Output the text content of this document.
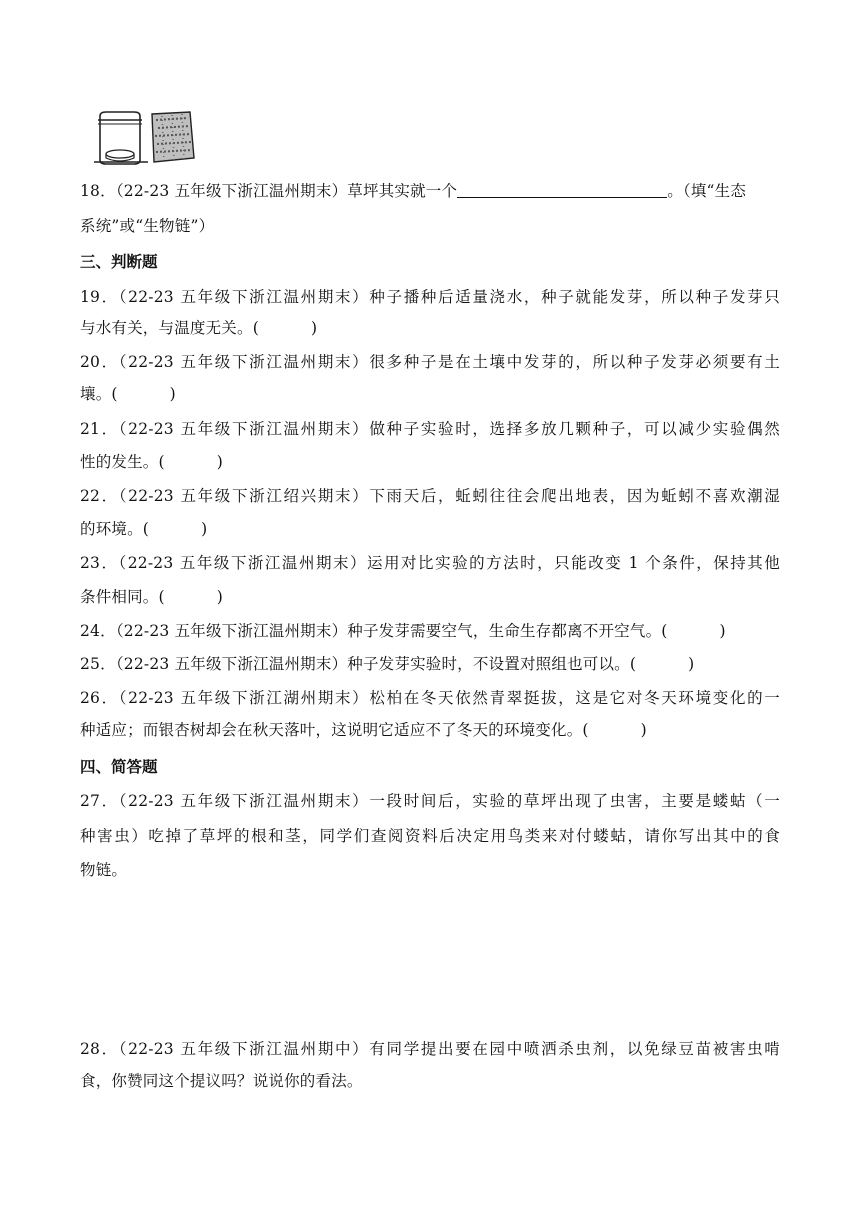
18．（22-23 五年级下浙江温州期末）草坪其实就一个	。（填“生态
系统”或“生物链”）
三、判断题
19．（22-23 五年级下浙江温州期末）种子播种后适量浇水，种子就能发芽，所以种子发芽只
与水有关，与温度无关。(	)
20．（22-23 五年级下浙江温州期末）很多种子是在土壤中发芽的，所以种子发芽必须要有土
壤。(	)
21．（22-23 五年级下浙江温州期末）做种子实验时，选择多放几颗种子，可以减少实验偶然
性的发生。(	)
22．（22-23 五年级下浙江绍兴期末）下雨天后，蚯蚓往往会爬出地表，因为蚯蚓不喜欢潮湿
的环境。(	)
23．（22-23 五年级下浙江温州期末）运用对比实验的方法时，只能改变 1 个条件，保持其他
条件相同。(	)
24．（22-23 五年级下浙江温州期末）种子发芽需要空气，生命生存都离不开空气。(	)
25．（22-23 五年级下浙江温州期末）种子发芽实验时，不设置对照组也可以。(	)
26．（22-23 五年级下浙江湖州期末）松柏在冬天依然青翠挺拔，这是它对冬天环境变化的一
种适应；而银杏树却会在秋天落叶，这说明它适应不了冬天的环境变化。(	)
四、简答题
27．（22-23 五年级下浙江温州期末）一段时间后，实验的草坪出现了虫害，主要是蝼蛄（一
种害虫）吃掉了草坪的根和茎，同学们查阅资料后决定用鸟类来对付蝼蛄，请你写出其中的食
物链。
28．（22-23 五年级下浙江温州期中）有同学提出要在园中喷洒杀虫剂，以免绿豆苗被害虫啃
食，你赞同这个提议吗？说说你的看法。
